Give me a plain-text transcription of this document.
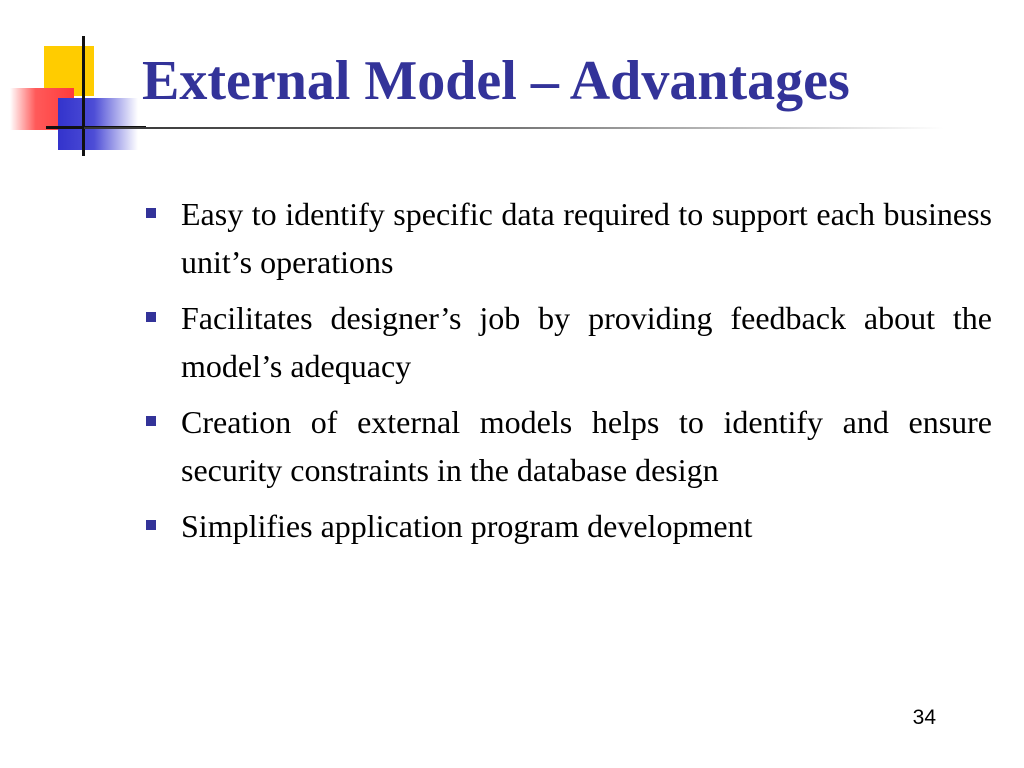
External Model – Advantages
Easy to identify specific data required to support each business unit’s operations
Facilitates designer’s job by providing feedback about the model’s adequacy
Creation of external models helps to identify and ensure security constraints in the database design
Simplifies application program development
34
